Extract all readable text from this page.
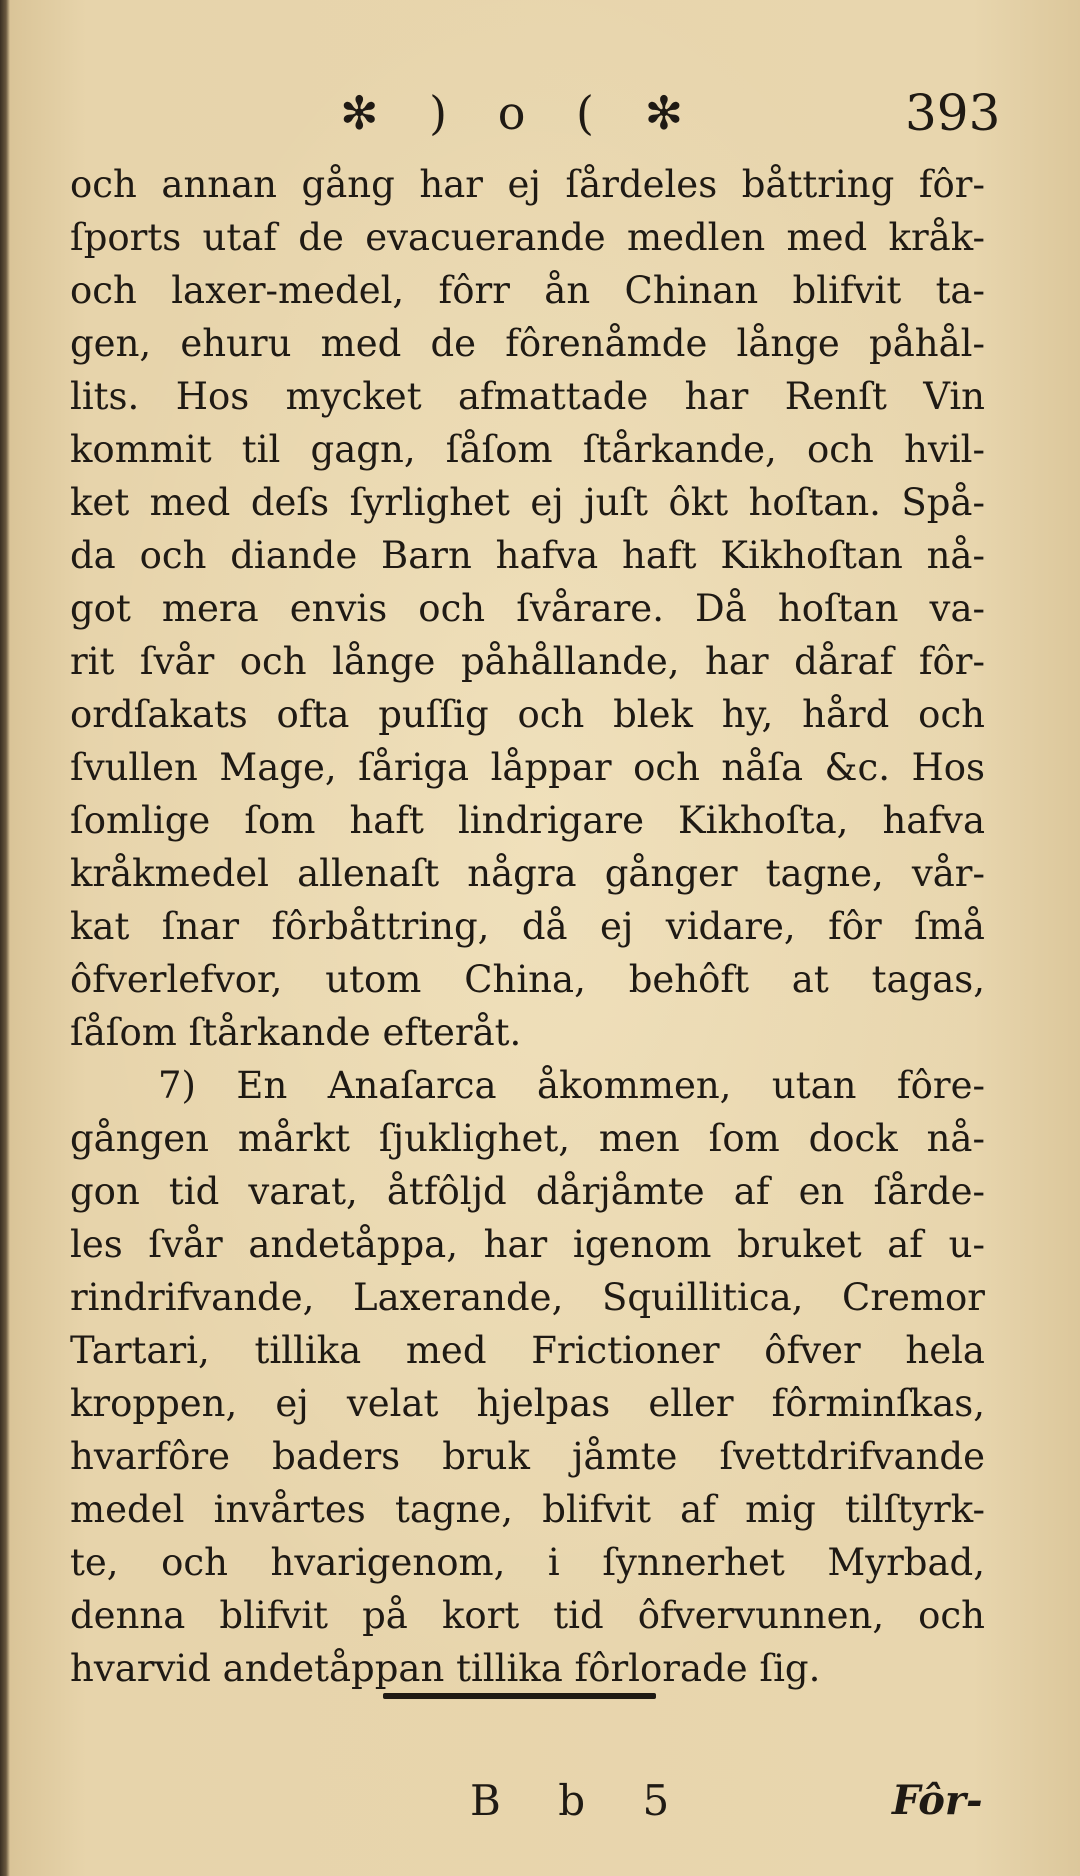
✻ ) o ( ✻	393
och annan gång har ej ſårdeles båttring fôr-
ſports utaf de evacuerande medlen med kråk-
och laxer-medel, fôrr ån Chinan blifvit ta-
gen, ehuru med de fôrenåmde långe påhål-
lits. Hos mycket afmattade har Renſt Vin
kommit til gagn, ſåſom ſtårkande, och hvil-
ket med deſs ſyrlighet ej juſt ôkt hoſtan. Spå-
da och diande Barn hafva haft Kikhoſtan nå-
got mera envis och ſvårare. Då hoſtan va-
rit ſvår och långe påhållande, har dåraf fôr-
ordſakats ofta puſſig och blek hy, hård och
ſvullen Mage, ſåriga låppar och nåſa &c. Hos
ſomlige ſom haft lindrigare Kikhoſta, hafva
kråkmedel allenaſt några gånger tagne, vår-
kat ſnar fôrbåttring, då ej vidare, fôr ſmå
ôfverlefvor, utom China, behôft at tagas,
ſåſom ſtårkande efteråt.
7) En Anaſarca åkommen, utan fôre-
gången mårkt ſjuklighet, men ſom dock nå-
gon tid varat, åtfôljd dårjåmte af en ſårde-
les ſvår andetåppa, har igenom bruket af u-
rindrifvande, Laxerande, Squillitica, Cremor
Tartari, tillika med Frictioner ôfver hela
kroppen, ej velat hjelpas eller fôrminſkas,
hvarfôre baders bruk jåmte ſvettdrifvande
medel invårtes tagne, blifvit af mig tilſtyrk-
te, och hvarigenom, i ſynnerhet Myrbad,
denna blifvit på kort tid ôfvervunnen, och
hvarvid andetåppan tillika fôrlorade ſig.
B b 5	Fôr-
